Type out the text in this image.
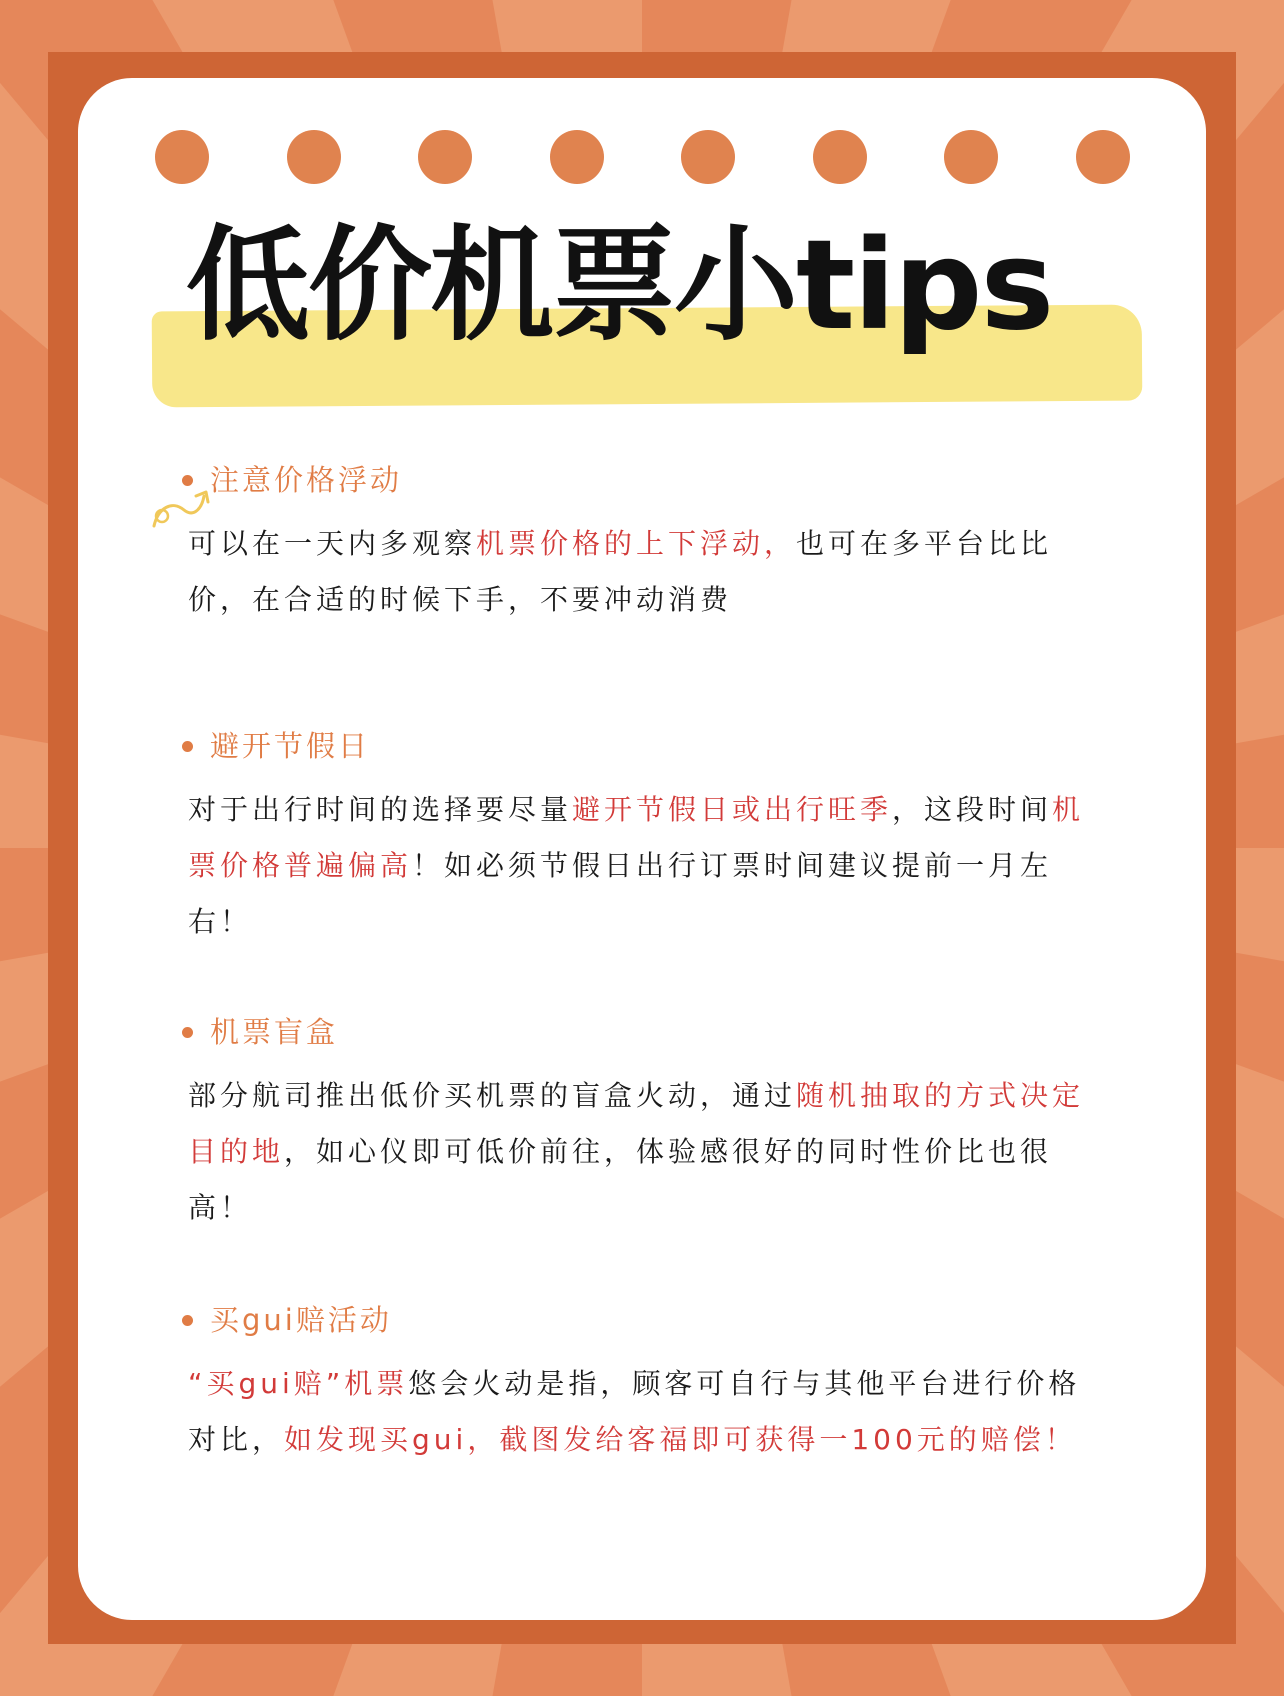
低价机票小tips
注意价格浮动
可以在一天内多观察机票价格的上下浮动，也可在多平台比比价，在合适的时候下手，不要冲动消费
避开节假日
对于出行时间的选择要尽量避开节假日或出行旺季，这段时间机票价格普遍偏高！如必须节假日出行订票时间建议提前一月左右！
机票盲盒
部分航司推出低价买机票的盲盒火动，通过随机抽取的方式决定目的地，如心仪即可低价前往，体验感很好的同时性价比也很高！
买gui赔活动
“买gui赔”机票悠会火动是指，顾客可自行与其他平台进行价格对比，如发现买gui，截图发给客福即可获得一100元的赔偿！
